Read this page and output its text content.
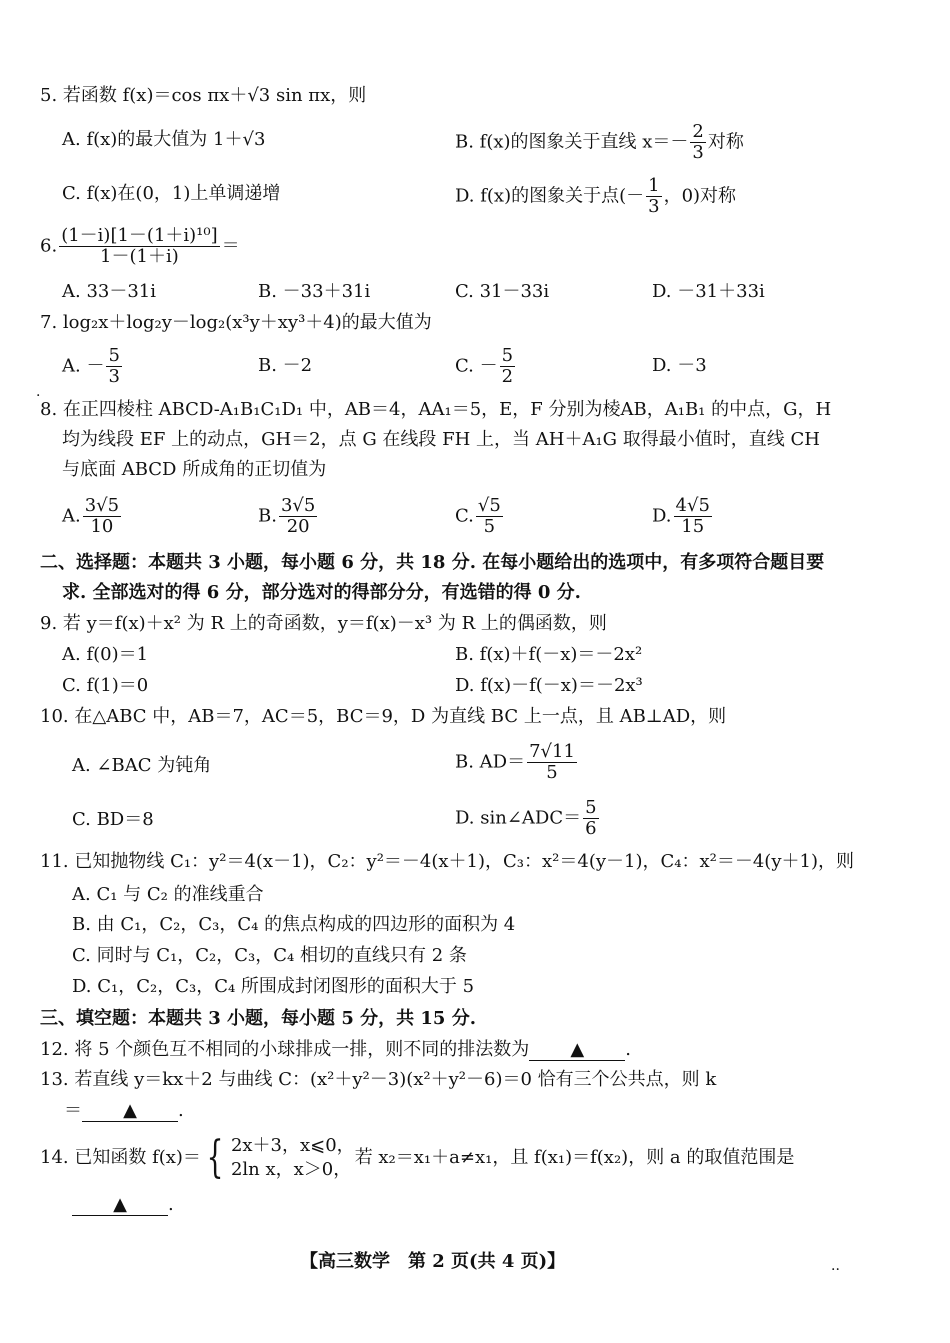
5. 若函数 f(x)＝cos πx＋√3 sin πx，则
A. f(x)的最大值为 1＋√3	B. f(x)的图象关于直线 $x=- \frac{2}{3}$ 对称
C. f(x)在(0，1)上单调递增	D. f(x)的图象关于点(－ $\frac{1}{3}$ ，0)对称
6. $\frac{\text{(1－i)[1－(1＋i)¹⁰]}}{1-(1+i)}$ ＝
A. 33－31i	B. －33＋31i	C. 31－33i	D. －31＋33i
7. log₂x＋log₂y－log₂(x³y＋xy³＋4)的最大值为
A. － $\frac{5}{3}$	B. －2	C. － $\frac{5}{2}$	D. －3
·
8. 在正四棱柱 ABCD-A₁B₁C₁D₁ 中，AB＝4，AA₁＝5，E，F 分别为棱AB，A₁B₁ 的中点，G，H
均为线段 EF 上的动点，GH＝2，点 G 在线段 FH 上，当 AH＋A₁G 取得最小值时，直线 CH
与底面 ABCD 所成角的正切值为
A. $\frac{3√5}{10}$	B. $\frac{3√5}{20}$	C. $\frac{√5}{5}$	D. $\frac{4√5}{15}$
二、选择题：本题共 3 小题，每小题 6 分，共 18 分. 在每小题给出的选项中，有多项符合题目要
求. 全部选对的得 6 分，部分选对的得部分分，有选错的得 0 分.
9. 若 y＝f(x)＋x² 为 R 上的奇函数，y＝f(x)－x³ 为 R 上的偶函数，则
A. f(0)＝1	B. f(x)＋f(－x)＝－2x²
C. f(1)＝0	D. f(x)－f(－x)＝－2x³
10. 在△ABC 中，AB＝7，AC＝5，BC＝9，D 为直线 BC 上一点，且 AB⊥AD，则
A. ∠BAC 为钝角	B. $AD= \frac{7√11}{5}$
C. BD＝8	D. sin∠ADC＝ $\frac{5}{6}$
11. 已知抛物线 C₁：y²＝4(x－1)，C₂：y²＝－4(x＋1)，C₃：x²＝4(y－1)，C₄：x²＝－4(y＋1)，则
A. C₁ 与 C₂ 的准线重合
B. 由 C₁，C₂，C₃，C₄ 的焦点构成的四边形的面积为 4
C. 同时与 C₁，C₂，C₃，C₄ 相切的直线只有 2 条
D. C₁，C₂，C₃，C₄ 所围成封闭图形的面积大于 5
三、填空题：本题共 3 小题，每小题 5 分，共 15 分.
12. 将 5 个颜色互不相同的小球排成一排，则不同的排法数为 ▲ .
13. 若直线 y＝kx＋2 与曲线 C：(x²＋y²－3)(x²＋y²－6)＝0 恰有三个公共点，则 k
＝ ▲ .
14. 已知函数 f(x)＝ { 2x＋3，x⩽0，
2ln x，x＞0，
若 x₂＝x₁＋a≠x₁，且 f(x₁)＝f(x₂)，则 a 的取值范围是
▲ .
【高三数学　第 2 页(共 4 页)】	··
